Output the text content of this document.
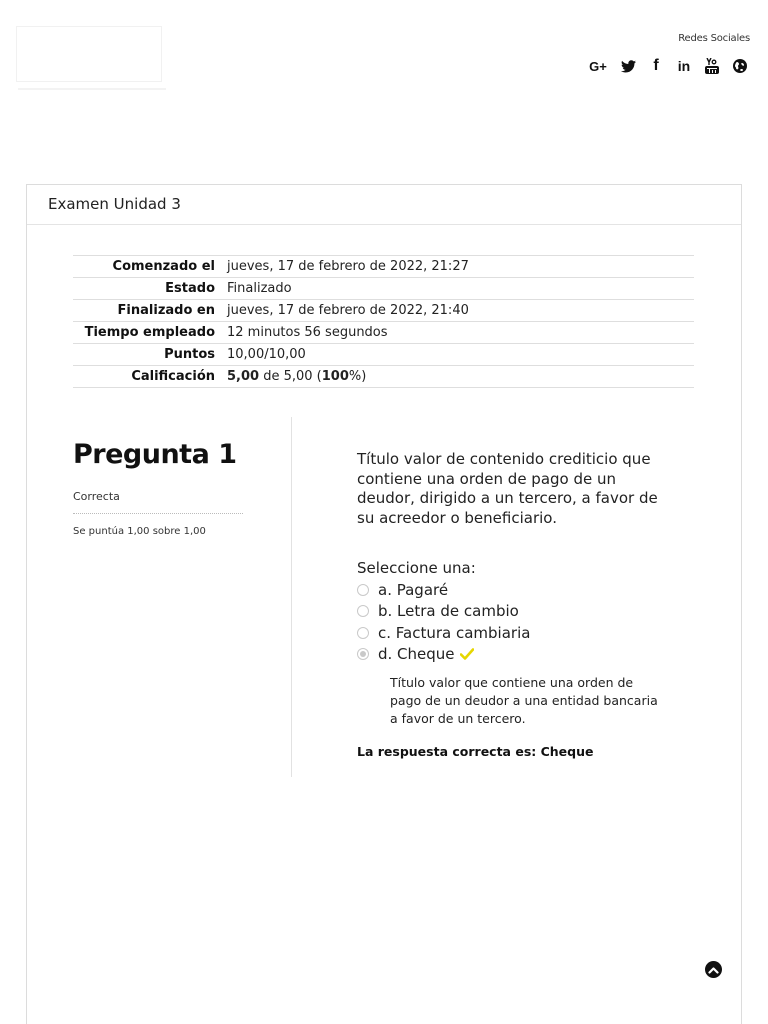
Redes Sociales
G+	f	in
Examen Unidad 3
Comenzado el	jueves, 17 de febrero de 2022, 21:27
Estado	Finalizado
Finalizado en	jueves, 17 de febrero de 2022, 21:40
Tiempo empleado	12 minutos 56 segundos
Puntos	10,00/10,00
Calificación	5,00 de 5,00 (100%)
Pregunta 1
Correcta
Se puntúa 1,00 sobre 1,00
Título valor de contenido crediticio que contiene una orden de pago de un deudor, dirigido a un tercero, a favor de su acreedor o beneficiario.
Seleccione una:
a. Pagaré
b. Letra de cambio
c. Factura cambiaria
d. Cheque
Título valor que contiene una orden de pago de un deudor a una entidad bancaria a favor de un tercero.
La respuesta correcta es: Cheque
